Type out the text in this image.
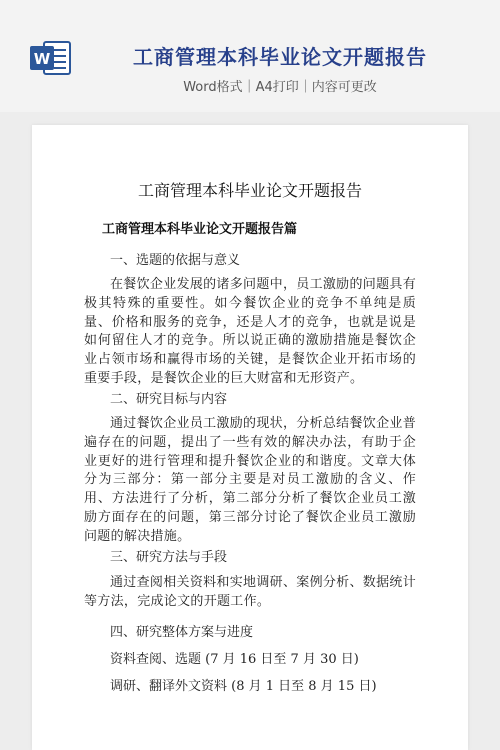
W	工商管理本科毕业论文开题报告
Word格式｜A4打印｜内容可更改
工商管理本科毕业论文开题报告
工商管理本科毕业论文开题报告篇
一、选题的依据与意义
在餐饮企业发展的诸多问题中，员工激励的问题具有极其特殊的重要性。如今餐饮企业的竞争不单纯是质量、价格和服务的竞争，还是人才的竞争，也就是说是如何留住人才的竞争。所以说正确的激励措施是餐饮企业占领市场和赢得市场的关键，是餐饮企业开拓市场的重要手段，是餐饮企业的巨大财富和无形资产。
二、研究目标与内容
通过餐饮企业员工激励的现状，分析总结餐饮企业普遍存在的问题，提出了一些有效的解决办法，有助于企业更好的进行管理和提升餐饮企业的和谐度。文章大体分为三部分：第一部分主要是对员工激励的含义、作用、方法进行了分析，第二部分分析了餐饮企业员工激励方面存在的问题，第三部分讨论了餐饮企业员工激励问题的解决措施。
三、研究方法与手段
通过查阅相关资料和实地调研、案例分析、数据统计等方法，完成论文的开题工作。
四、研究整体方案与进度
资料查阅、选题 (7 月 16 日至 7 月 30 日)
调研、翻译外文资料 (8 月 1 日至 8 月 15 日)
